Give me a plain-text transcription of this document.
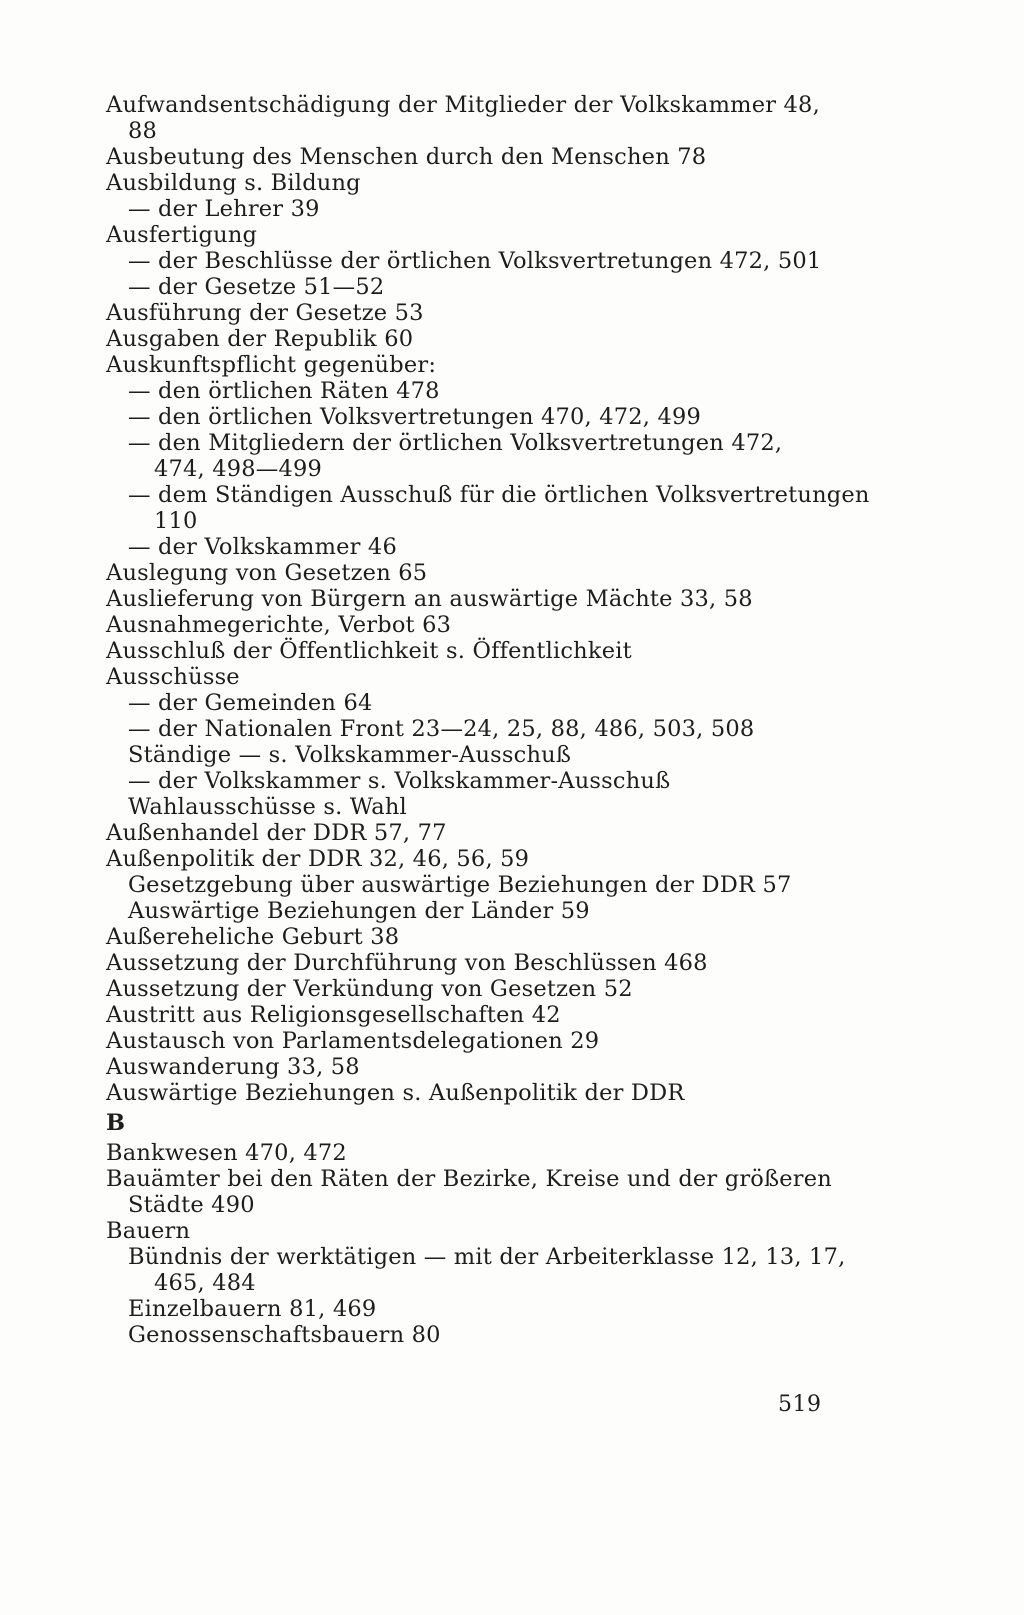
Aufwandsentschädigung der Mitglieder der Volkskammer 48,
88
Ausbeutung des Menschen durch den Menschen 78
Ausbildung s. Bildung
— der Lehrer 39
Ausfertigung
— der Beschlüsse der örtlichen Volksvertretungen 472, 501
— der Gesetze 51—52
Ausführung der Gesetze 53
Ausgaben der Republik 60
Auskunftspflicht gegenüber:
— den örtlichen Räten 478
— den örtlichen Volksvertretungen 470, 472, 499
— den Mitgliedern der örtlichen Volksvertretungen 472,
474, 498—499
— dem Ständigen Ausschuß für die örtlichen Volksvertretungen
110
— der Volkskammer 46
Auslegung von Gesetzen 65
Auslieferung von Bürgern an auswärtige Mächte 33, 58
Ausnahmegerichte, Verbot 63
Ausschluß der Öffentlichkeit s. Öffentlichkeit
Ausschüsse
— der Gemeinden 64
— der Nationalen Front 23—24, 25, 88, 486, 503, 508
Ständige — s. Volkskammer-Ausschuß
— der Volkskammer s. Volkskammer-Ausschuß
Wahlausschüsse s. Wahl
Außenhandel der DDR 57, 77
Außenpolitik der DDR 32, 46, 56, 59
Gesetzgebung über auswärtige Beziehungen der DDR 57
Auswärtige Beziehungen der Länder 59
Außereheliche Geburt 38
Aussetzung der Durchführung von Beschlüssen 468
Aussetzung der Verkündung von Gesetzen 52
Austritt aus Religionsgesellschaften 42
Austausch von Parlamentsdelegationen 29
Auswanderung 33, 58
Auswärtige Beziehungen s. Außenpolitik der DDR
B
Bankwesen 470, 472
Bauämter bei den Räten der Bezirke, Kreise und der größeren
Städte 490
Bauern
Bündnis der werktätigen — mit der Arbeiterklasse 12, 13, 17,
465, 484
Einzelbauern 81, 469
Genossenschaftsbauern 80
519
